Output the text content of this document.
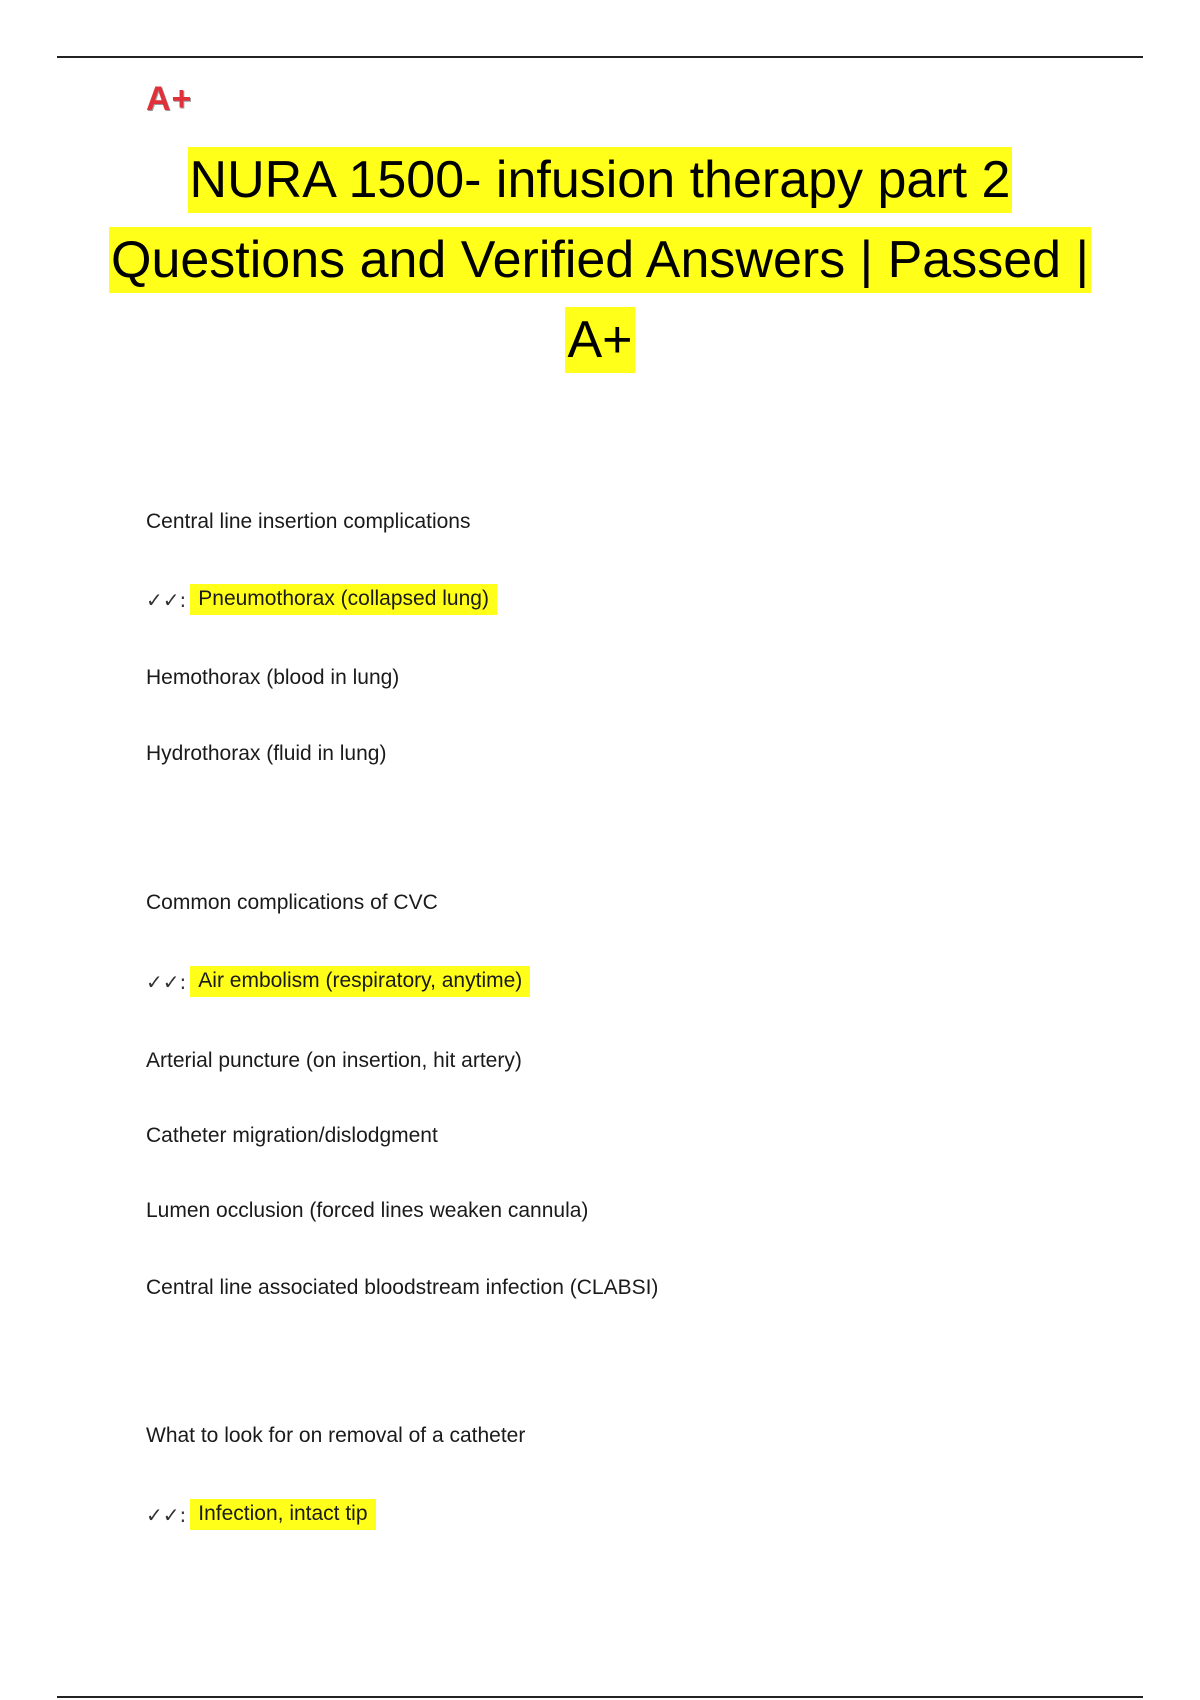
A+
NURA 1500- infusion therapy part 2
Questions and Verified Answers | Passed |
A+
Central line insertion complications
✓✓: Pneumothorax (collapsed lung)
Hemothorax (blood in lung)
Hydrothorax (fluid in lung)
Common complications of CVC
✓✓: Air embolism (respiratory, anytime)
Arterial puncture (on insertion, hit artery)
Catheter migration/dislodgment
Lumen occlusion (forced lines weaken cannula)
Central line associated bloodstream infection (CLABSI)
What to look for on removal of a catheter
✓✓: Infection, intact tip
